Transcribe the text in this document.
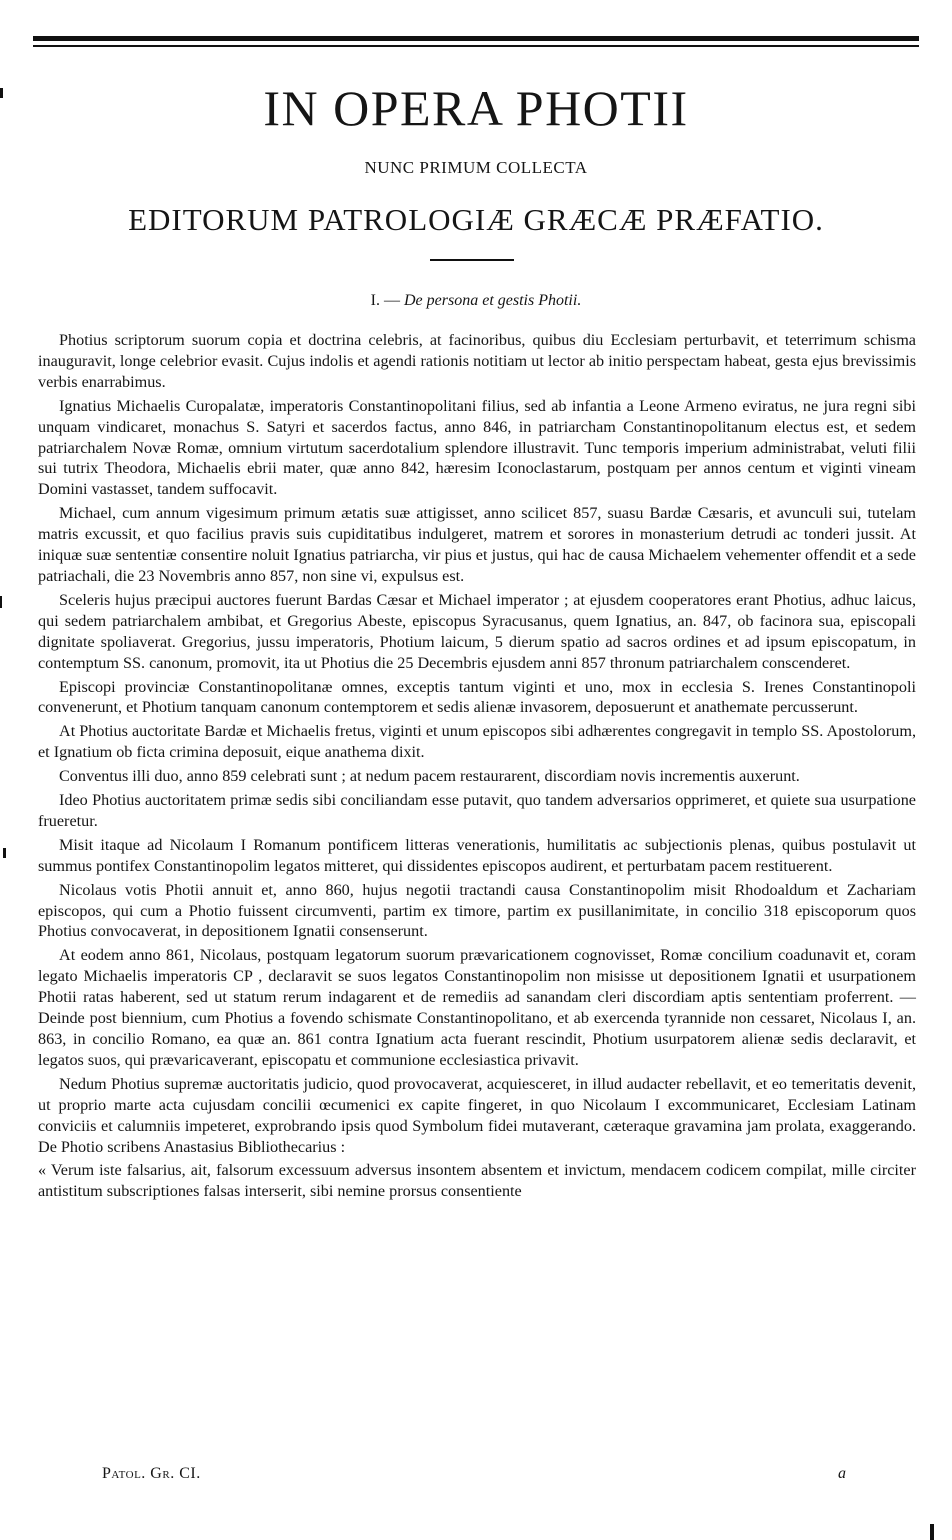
IN OPERA PHOTII
NUNC PRIMUM COLLECTA
EDITORUM PATROLOGIÆ GRÆCÆ PRÆFATIO.
I. — De persona et gestis Photii.

Photius scriptorum suorum copia et doctrina celebris, at facinoribus, quibus diu Ecclesiam perturbavit, et teterrimum schisma inauguravit, longe celebrior evasit. Cujus indolis et agendi rationis notitiam ut lector ab initio perspectam habeat, gesta ejus brevissimis verbis enarrabimus.

Ignatius Michaelis Curopalatæ, imperatoris Constantinopolitani filius, sed ab infantia a Leone Armeno eviratus, ne jura regni sibi unquam vindicaret, monachus S. Satyri et sacerdos factus, anno 846, in patriarcham Constantinopolitanum electus est, et sedem patriarchalem Novæ Romæ, omnium virtutum sacerdotalium splendore illustravit. Tunc temporis imperium administrabat, veluti filii sui tutrix Theodora, Michaelis ebrii mater, quæ anno 842, hæresim Iconoclastarum, postquam per annos centum et viginti vineam Domini vastasset, tandem suffocavit.

Michael, cum annum vigesimum primum ætatis suæ attigisset, anno scilicet 857, suasu Bardæ Cæsaris, et avunculi sui, tutelam matris excussit, et quo facilius pravis suis cupiditatibus indulgeret, matrem et sorores in monasterium detrudi ac tonderi jussit. At iniquæ suæ sententiæ consentire noluit Ignatius patriarcha, vir pius et justus, qui hac de causa Michaelem vehementer offendit et a sede patriachali, die 23 Novembris anno 857, non sine vi, expulsus est.

Sceleris hujus præcipui auctores fuerunt Bardas Cæsar et Michael imperator ; at ejusdem cooperatores erant Photius, adhuc laicus, qui sedem patriarchalem ambibat, et Gregorius Abeste, episcopus Syracusanus, quem Ignatius, an. 847, ob facinora sua, episcopali dignitate spoliaverat. Gregorius, jussu imperatoris, Photium laicum, 5 dierum spatio ad sacros ordines et ad ipsum episcopatum, in contemptum SS. canonum, promovit, ita ut Photius die 25 Decembris ejusdem anni 857 thronum patriarchalem conscenderet.

Episcopi provinciæ Constantinopolitanæ omnes, exceptis tantum viginti et uno, mox in ecclesia S. Irenes Constantinopoli convenerunt, et Photium tanquam canonum contemptorem et sedis alienæ invasorem, deposuerunt et anathemate percusserunt.

At Photius auctoritate Bardæ et Michaelis fretus, viginti et unum episcopos sibi adhærentes congregavit in templo SS. Apostolorum, et Ignatium ob ficta crimina deposuit, eique anathema dixit.

Conventus illi duo, anno 859 celebrati sunt ; at nedum pacem restaurarent, discordiam novis incrementis auxerunt.

Ideo Photius auctoritatem primæ sedis sibi conciliandam esse putavit, quo tandem adversarios opprimeret, et quiete sua usurpatione frueretur.

Misit itaque ad Nicolaum I Romanum pontificem litteras venerationis, humilitatis ac subjectionis plenas, quibus postulavit ut summus pontifex Constantinopolim legatos mitteret, qui dissidentes episcopos audirent, et perturbatam pacem restituerent.

Nicolaus votis Photii annuit et, anno 860, hujus negotii tractandi causa Constantinopolim misit Rhodoaldum et Zachariam episcopos, qui cum a Photio fuissent circumventi, partim ex timore, partim ex pusillanimitate, in concilio 318 episcoporum quos Photius convocaverat, in depositionem Ignatii consenserunt.

At eodem anno 861, Nicolaus, postquam legatorum suorum prævaricationem cognovisset, Romæ concilium coadunavit et, coram legato Michaelis imperatoris CP , declaravit se suos legatos Constantinopolim non misisse ut depositionem Ignatii et usurpationem Photii ratas haberent, sed ut statum rerum indagarent et de remediis ad sanandam cleri discordiam aptis sententiam proferrent. — Deinde post biennium, cum Photius a fovendo schismate Constantinopolitano, et ab exercenda tyrannide non cessaret, Nicolaus I, an. 863, in concilio Romano, ea quæ an. 861 contra Ignatium acta fuerant rescindit, Photium usurpatorem alienæ sedis declaravit, et legatos suos, qui prævaricaverant, episcopatu et communione ecclesiastica privavit.

Nedum Photius supremæ auctoritatis judicio, quod provocaverat, acquiesceret, in illud audacter rebellavit, et eo temeritatis devenit, ut proprio marte acta cujusdam concilii œcumenici ex capite fingeret, in quo Nicolaum I excommunicaret, Ecclesiam Latinam conviciis et calumniis impeteret, exprobrando ipsis quod Symbolum fidei mutaverant, cæteraque gravamina jam prolata, exaggerando. De Photio scribens Anastasius Bibliothecarius :

« Verum iste falsarius, ait, falsorum excessuum adversus insontem absentem et invictum, mendacem codicem compilat, mille circiter antistitum subscriptiones falsas interserit, sibi nemine prorsus consentiente

Patol. Gr. CI.	a
